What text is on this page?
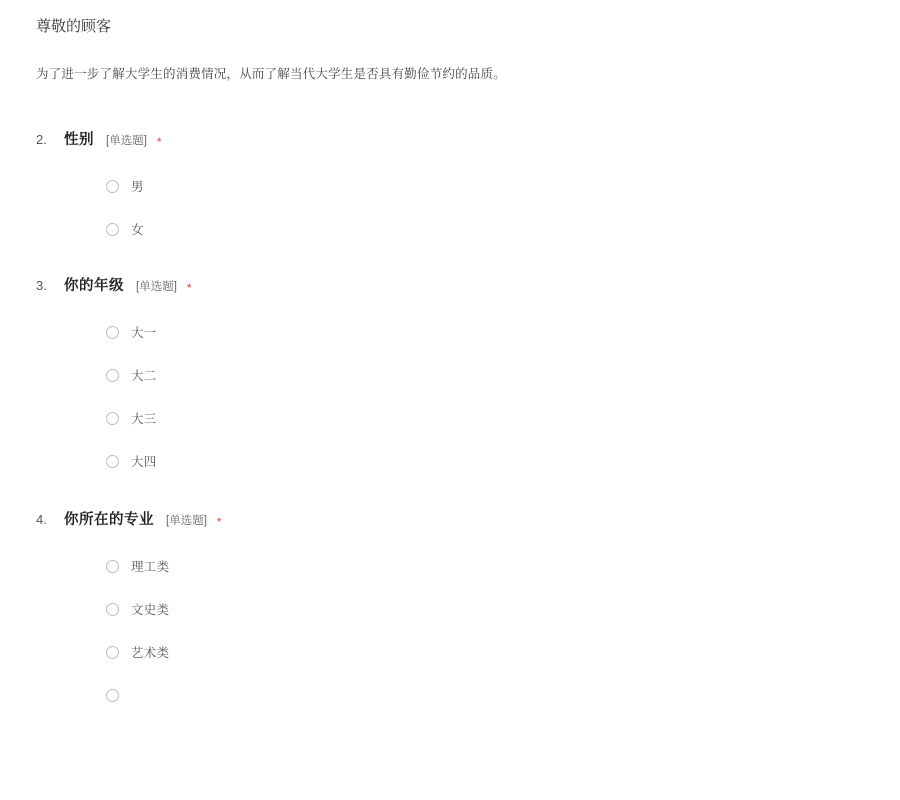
尊敬的顾客

为了进一步了解大学生的消费情况，从而了解当代大学生是否具有勤俭节约的品质。

2.	性别 [单选题] *
男
女
3.	你的年级 [单选题] *
大一
大二
大三
大四
4.	你所在的专业 [单选题] *
理工类
文史类
艺术类
